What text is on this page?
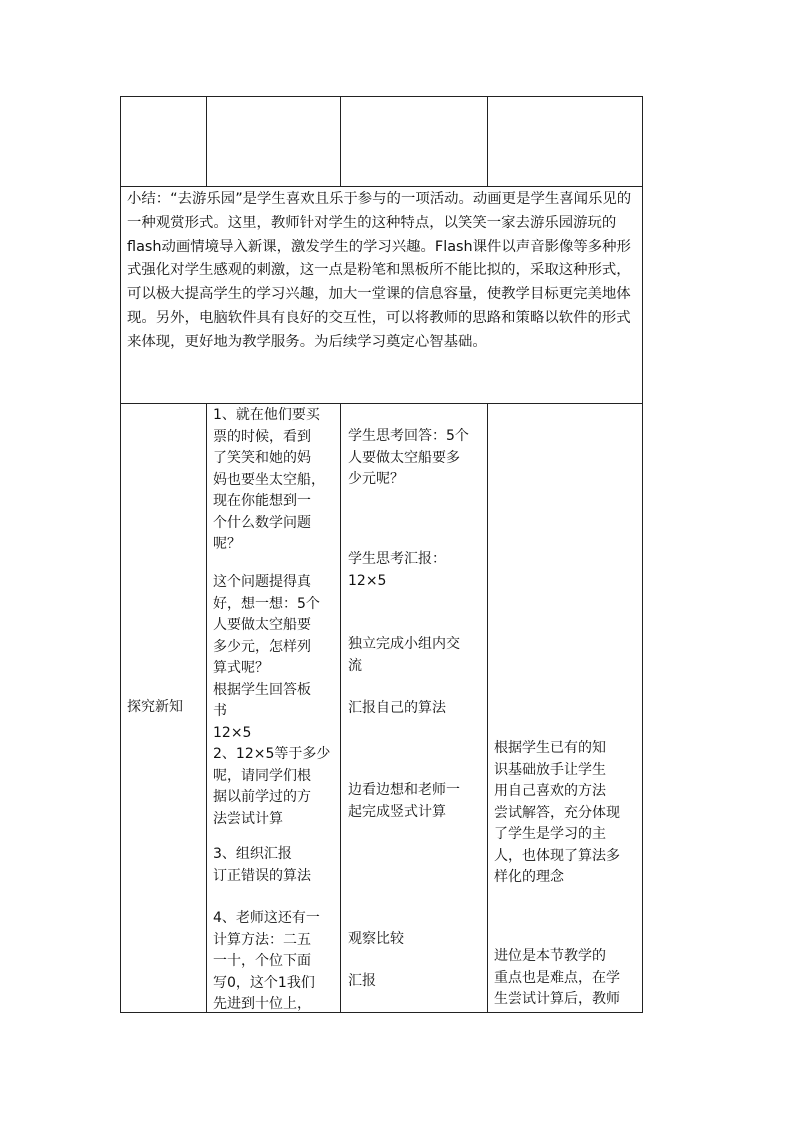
小结：“去游乐园”是学生喜欢且乐于参与的一项活动。动画更是学生喜闻乐见的一种观赏形式。这里，教师针对学生的这种特点，以笑笑一家去游乐园游玩的 flash动画情境导入新课，激发学生的学习兴趣。Flash课件以声音影像等多种形式强化对学生感观的刺激，这一点是粉笔和黑板所不能比拟的，采取这种形式，可以极大提高学生的学习兴趣，加大一堂课的信息容量，使教学目标更完美地体现。另外，电脑软件具有良好的交互性，可以将教师的思路和策略以软件的形式来体现，更好地为教学服务。为后续学习奠定心智基础。
探究新知
1、就在他们要买
票的时候，看到
了笑笑和她的妈
妈也要坐太空船，
现在你能想到一
个什么数学问题
呢？
这个问题提得真
好，想一想：5个
人要做太空船要
多少元，怎样列
算式呢？
根据学生回答板
书
12×5
2、12×5等于多少
呢，请同学们根
据以前学过的方
法尝试计算
3、组织汇报
订正错误的算法
4、老师这还有一
计算方法：二五
一十，个位下面
写0，这个1我们
先进到十位上，
学生思考回答：5个
人要做太空船要多
少元呢？
学生思考汇报：
12×5
独立完成小组内交
流
汇报自己的算法
边看边想和老师一
起完成竖式计算
观察比较
汇报
根据学生已有的知
识基础放手让学生
用自己喜欢的方法
尝试解答，充分体现
了学生是学习的主
人，也体现了算法多
样化的理念
进位是本节教学的
重点也是难点，在学
生尝试计算后，教师
